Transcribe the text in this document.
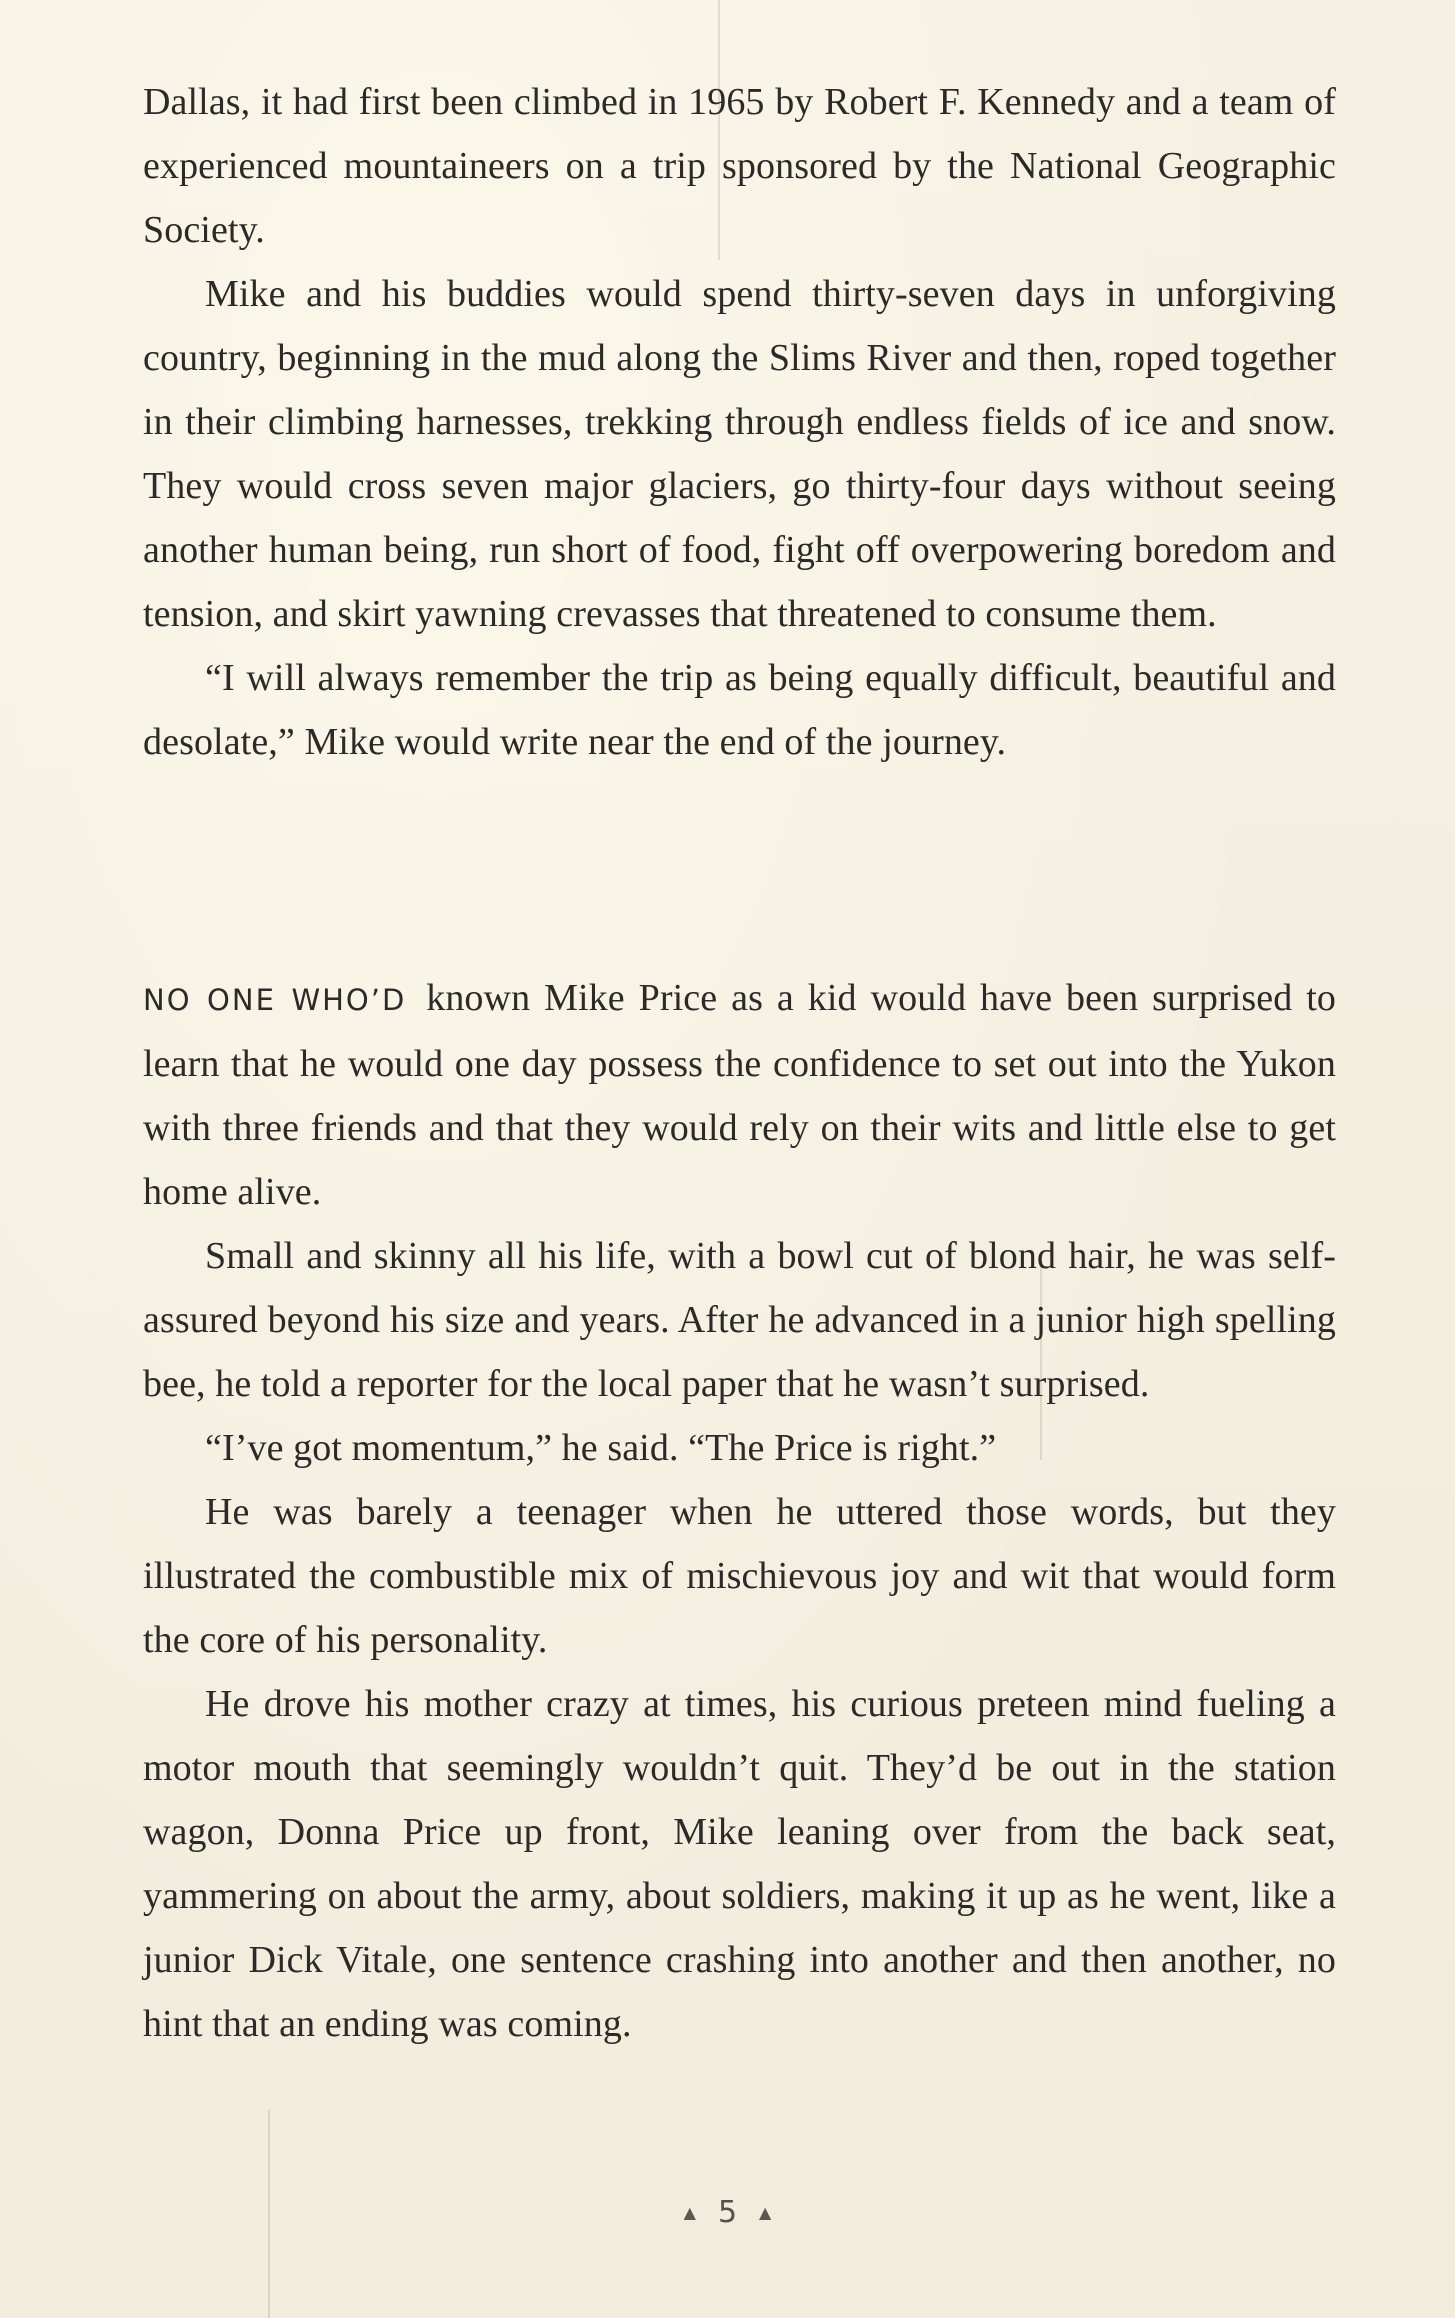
Dallas, it had first been climbed in 1965 by Robert F. Kennedy and a team of experienced mountaineers on a trip sponsored by the National Geographic Society.

Mike and his buddies would spend thirty-seven days in unforgiving country, beginning in the mud along the Slims River and then, roped together in their climbing harnesses, trekking through endless fields of ice and snow. They would cross seven major glaciers, go thirty-four days without seeing another human being, run short of food, fight off overpowering boredom and tension, and skirt yawning crevasses that threatened to consume them.

“I will always remember the trip as being equally difficult, beautiful and desolate,” Mike would write near the end of the journey.

NO ONE WHO’D known Mike Price as a kid would have been surprised to learn that he would one day possess the confidence to set out into the Yukon with three friends and that they would rely on their wits and little else to get home alive.

Small and skinny all his life, with a bowl cut of blond hair, he was self-assured beyond his size and years. After he advanced in a junior high spelling bee, he told a reporter for the local paper that he wasn’t surprised.

“I’ve got momentum,” he said. “The Price is right.”

He was barely a teenager when he uttered those words, but they illustrated the combustible mix of mischievous joy and wit that would form the core of his personality.

He drove his mother crazy at times, his curious preteen mind fueling a motor mouth that seemingly wouldn’t quit. They’d be out in the station wagon, Donna Price up front, Mike leaning over from the back seat, yammering on about the army, about soldiers, making it up as he went, like a junior Dick Vitale, one sentence crashing into another and then another, no hint that an ending was coming.

▲ 5 ▲
